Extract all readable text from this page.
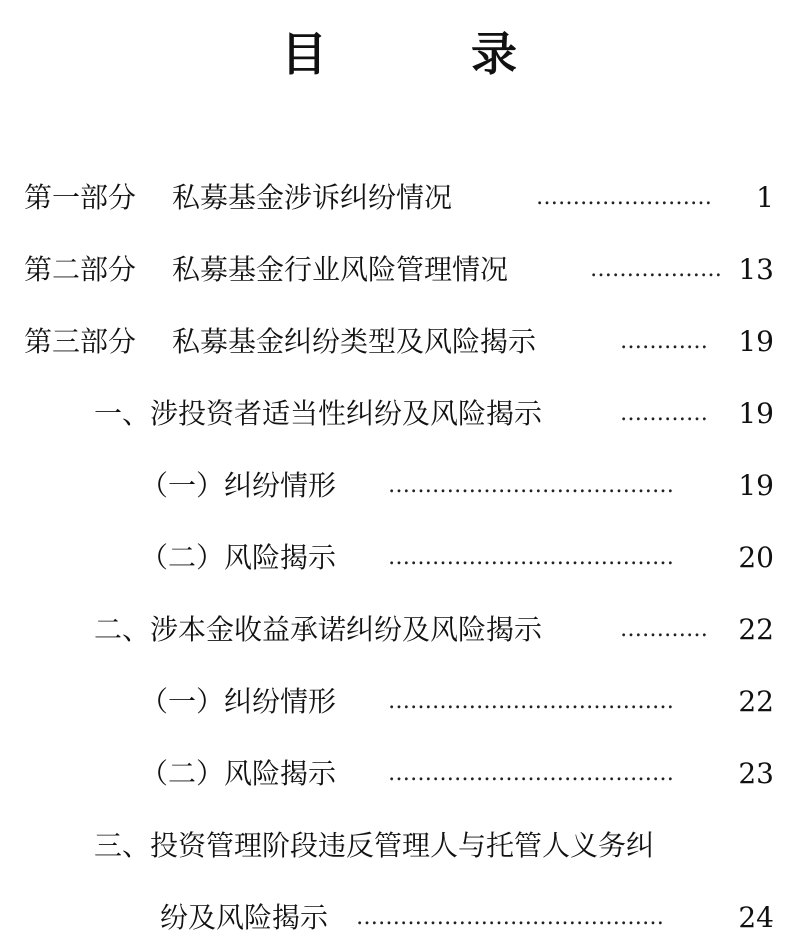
目 录
第一部分 私募基金涉诉纠纷情况	……………………	1
第二部分 私募基金行业风险管理情况	……………… 13
第三部分 私募基金纠纷类型及风险揭示	…………	19
一、涉投资者适当性纠纷及风险揭示	…………	19
（一）纠纷情形 …………………………………	19
（二）风险揭示 …………………………………	20
二、涉本金收益承诺纠纷及风险揭示	…………	22
（一）纠纷情形 …………………………………	22
（二）风险揭示 …………………………………	23
三、投资管理阶段违反管理人与托管人义务纠
纷及风险揭示 ……………………………………	24
